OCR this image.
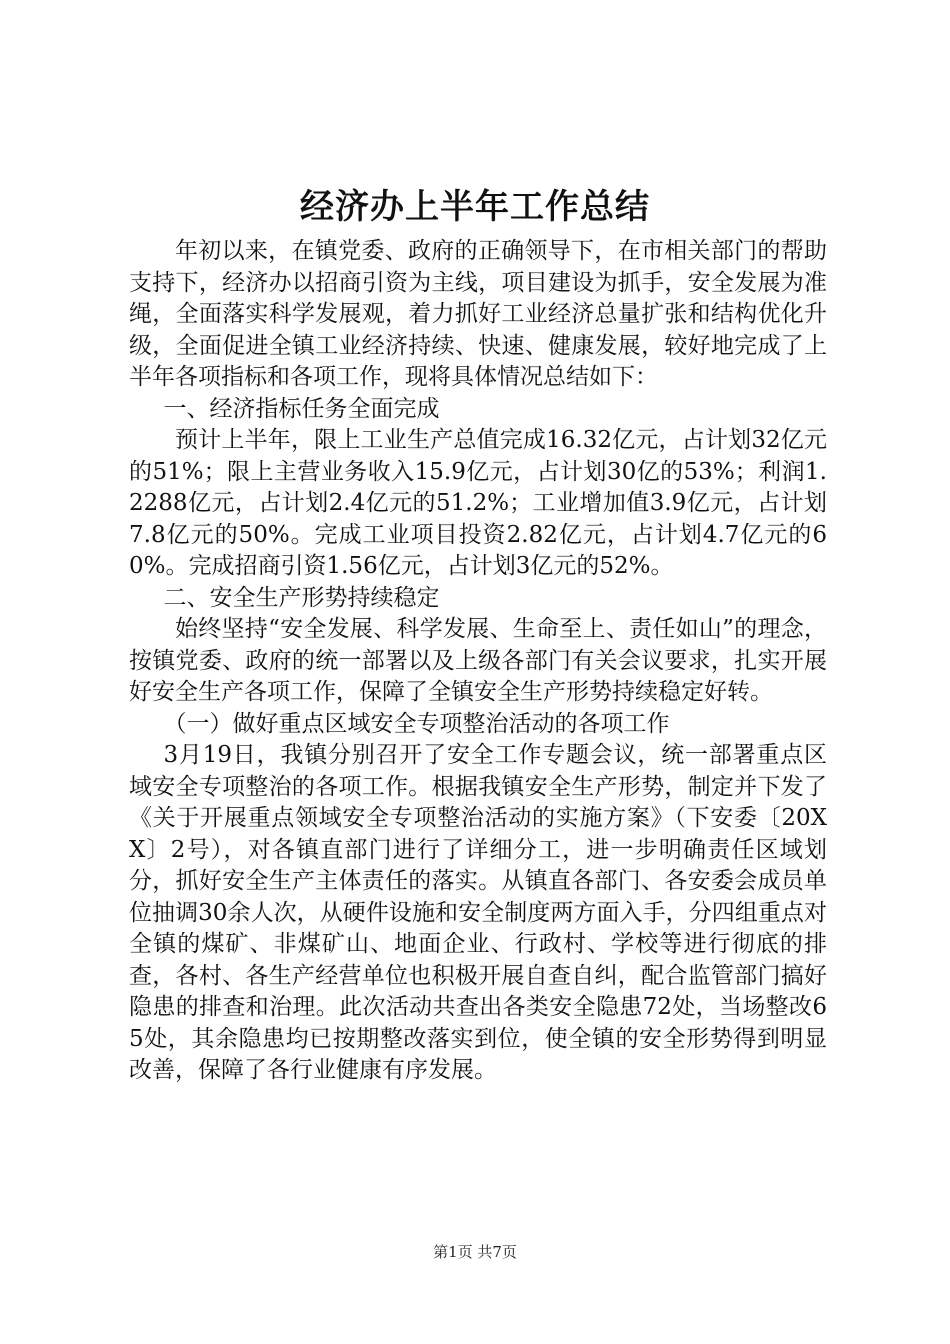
经济办上半年工作总结

年初以来，在镇党委、政府的正确领导下，在市相关部门的帮助支持下，经济办以招商引资为主线，项目建设为抓手，安全发展为准绳，全面落实科学发展观，着力抓好工业经济总量扩张和结构优化升级，全面促进全镇工业经济持续、快速、健康发展，较好地完成了上半年各项指标和各项工作，现将具体情况总结如下：

一、经济指标任务全面完成

预计上半年，限上工业生产总值完成16.32亿元，占计划32亿元的51%；限上主营业务收入15.9亿元，占计划30亿的53%；利润1.2288亿元，占计划2.4亿元的51.2%；工业增加值3.9亿元，占计划7.8亿元的50%。完成工业项目投资2.82亿元，占计划4.7亿元的60%。完成招商引资1.56亿元，占计划3亿元的52%。

二、安全生产形势持续稳定

始终坚持“安全发展、科学发展、生命至上、责任如山”的理念，按镇党委、政府的统一部署以及上级各部门有关会议要求，扎实开展好安全生产各项工作，保障了全镇安全生产形势持续稳定好转。

（一）做好重点区域安全专项整治活动的各项工作

3月19日，我镇分别召开了安全工作专题会议，统一部署重点区域安全专项整治的各项工作。根据我镇安全生产形势，制定并下发了《关于开展重点领域安全专项整治活动的实施方案》（下安委〔20XX〕2号），对各镇直部门进行了详细分工，进一步明确责任区域划分，抓好安全生产主体责任的落实。从镇直各部门、各安委会成员单位抽调30余人次，从硬件设施和安全制度两方面入手，分四组重点对全镇的煤矿、非煤矿山、地面企业、行政村、学校等进行彻底的排查，各村、各生产经营单位也积极开展自查自纠，配合监管部门搞好隐患的排查和治理。此次活动共查出各类安全隐患72处，当场整改65处，其余隐患均已按期整改落实到位，使全镇的安全形势得到明显改善，保障了各行业健康有序发展。

第1页 共7页
